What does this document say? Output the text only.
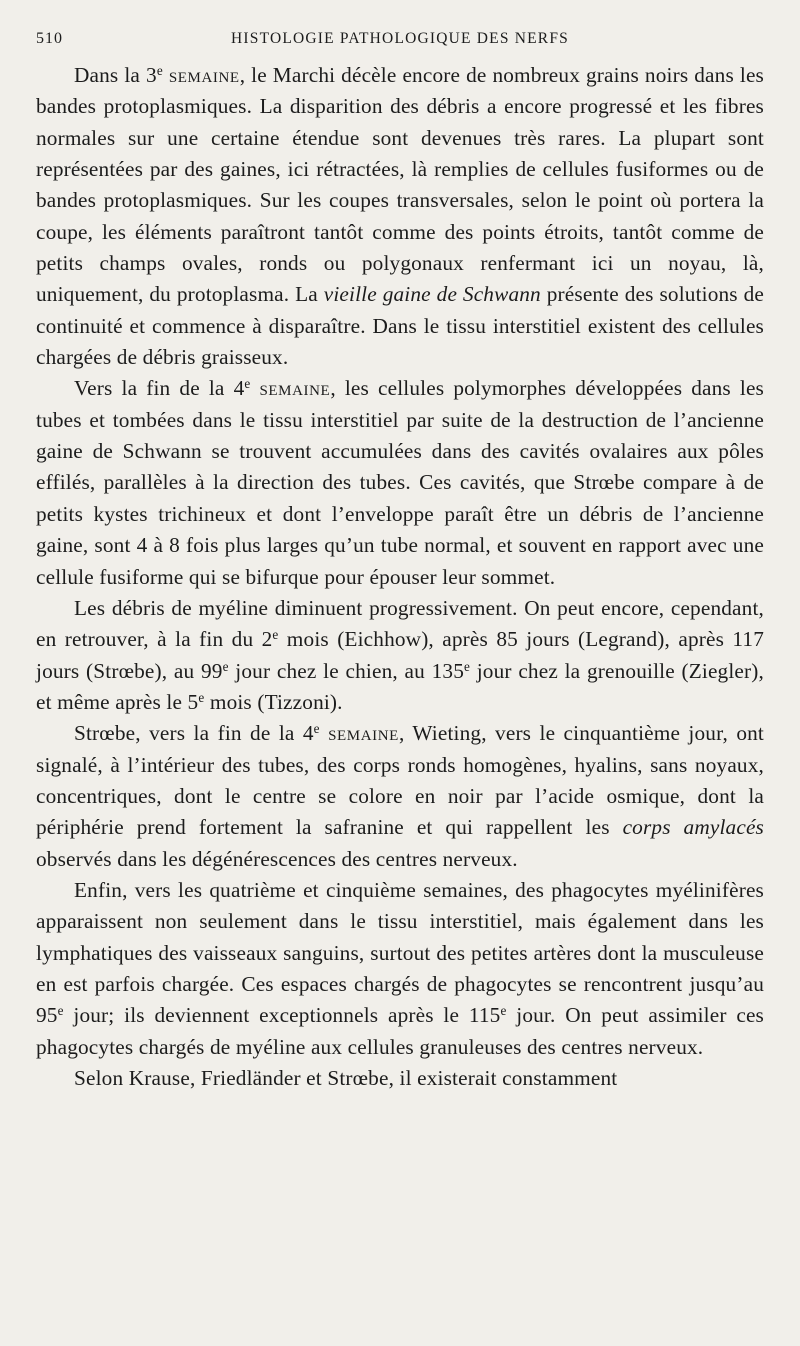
510	HISTOLOGIE PATHOLOGIQUE DES NERFS

Dans la 3e semaine, le Marchi décèle encore de nombreux grains noirs dans les bandes protoplasmiques. La disparition des débris a encore progressé et les fibres normales sur une certaine étendue sont devenues très rares. La plupart sont représentées par des gaines, ici rétractées, là remplies de cellules fusiformes ou de bandes protoplasmiques. Sur les coupes transversales, selon le point où portera la coupe, les éléments paraîtront tantôt comme des points étroits, tantôt comme de petits champs ovales, ronds ou polygonaux renfermant ici un noyau, là, uniquement, du protoplasma. La vieille gaine de Schwann présente des solutions de continuité et commence à disparaître. Dans le tissu interstitiel existent des cellules chargées de débris graisseux.

Vers la fin de la 4e semaine, les cellules polymorphes développées dans les tubes et tombées dans le tissu interstitiel par suite de la destruction de l’ancienne gaine de Schwann se trouvent accumulées dans des cavités ovalaires aux pôles effilés, parallèles à la direction des tubes. Ces cavités, que Strœbe compare à de petits kystes trichineux et dont l’enveloppe paraît être un débris de l’ancienne gaine, sont 4 à 8 fois plus larges qu’un tube normal, et souvent en rapport avec une cellule fusiforme qui se bifurque pour épouser leur sommet.

Les débris de myéline diminuent progressivement. On peut encore, cependant, en retrouver, à la fin du 2e mois (Eichhow), après 85 jours (Legrand), après 117 jours (Strœbe), au 99e jour chez le chien, au 135e jour chez la grenouille (Ziegler), et même après le 5e mois (Tizzoni).

Strœbe, vers la fin de la 4e semaine, Wieting, vers le cinquantième jour, ont signalé, à l’intérieur des tubes, des corps ronds homogènes, hyalins, sans noyaux, concentriques, dont le centre se colore en noir par l’acide osmique, dont la périphérie prend fortement la safranine et qui rappellent les corps amylacés observés dans les dégénérescences des centres nerveux.

Enfin, vers les quatrième et cinquième semaines, des phagocytes myélinifères apparaissent non seulement dans le tissu interstitiel, mais également dans les lymphatiques des vaisseaux sanguins, surtout des petites artères dont la musculeuse en est parfois chargée. Ces espaces chargés de phagocytes se rencontrent jusqu’au 95e jour; ils deviennent exceptionnels après le 115e jour. On peut assimiler ces phagocytes chargés de myéline aux cellules granuleuses des centres nerveux.

Selon Krause, Friedländer et Strœbe, il existerait constamment
